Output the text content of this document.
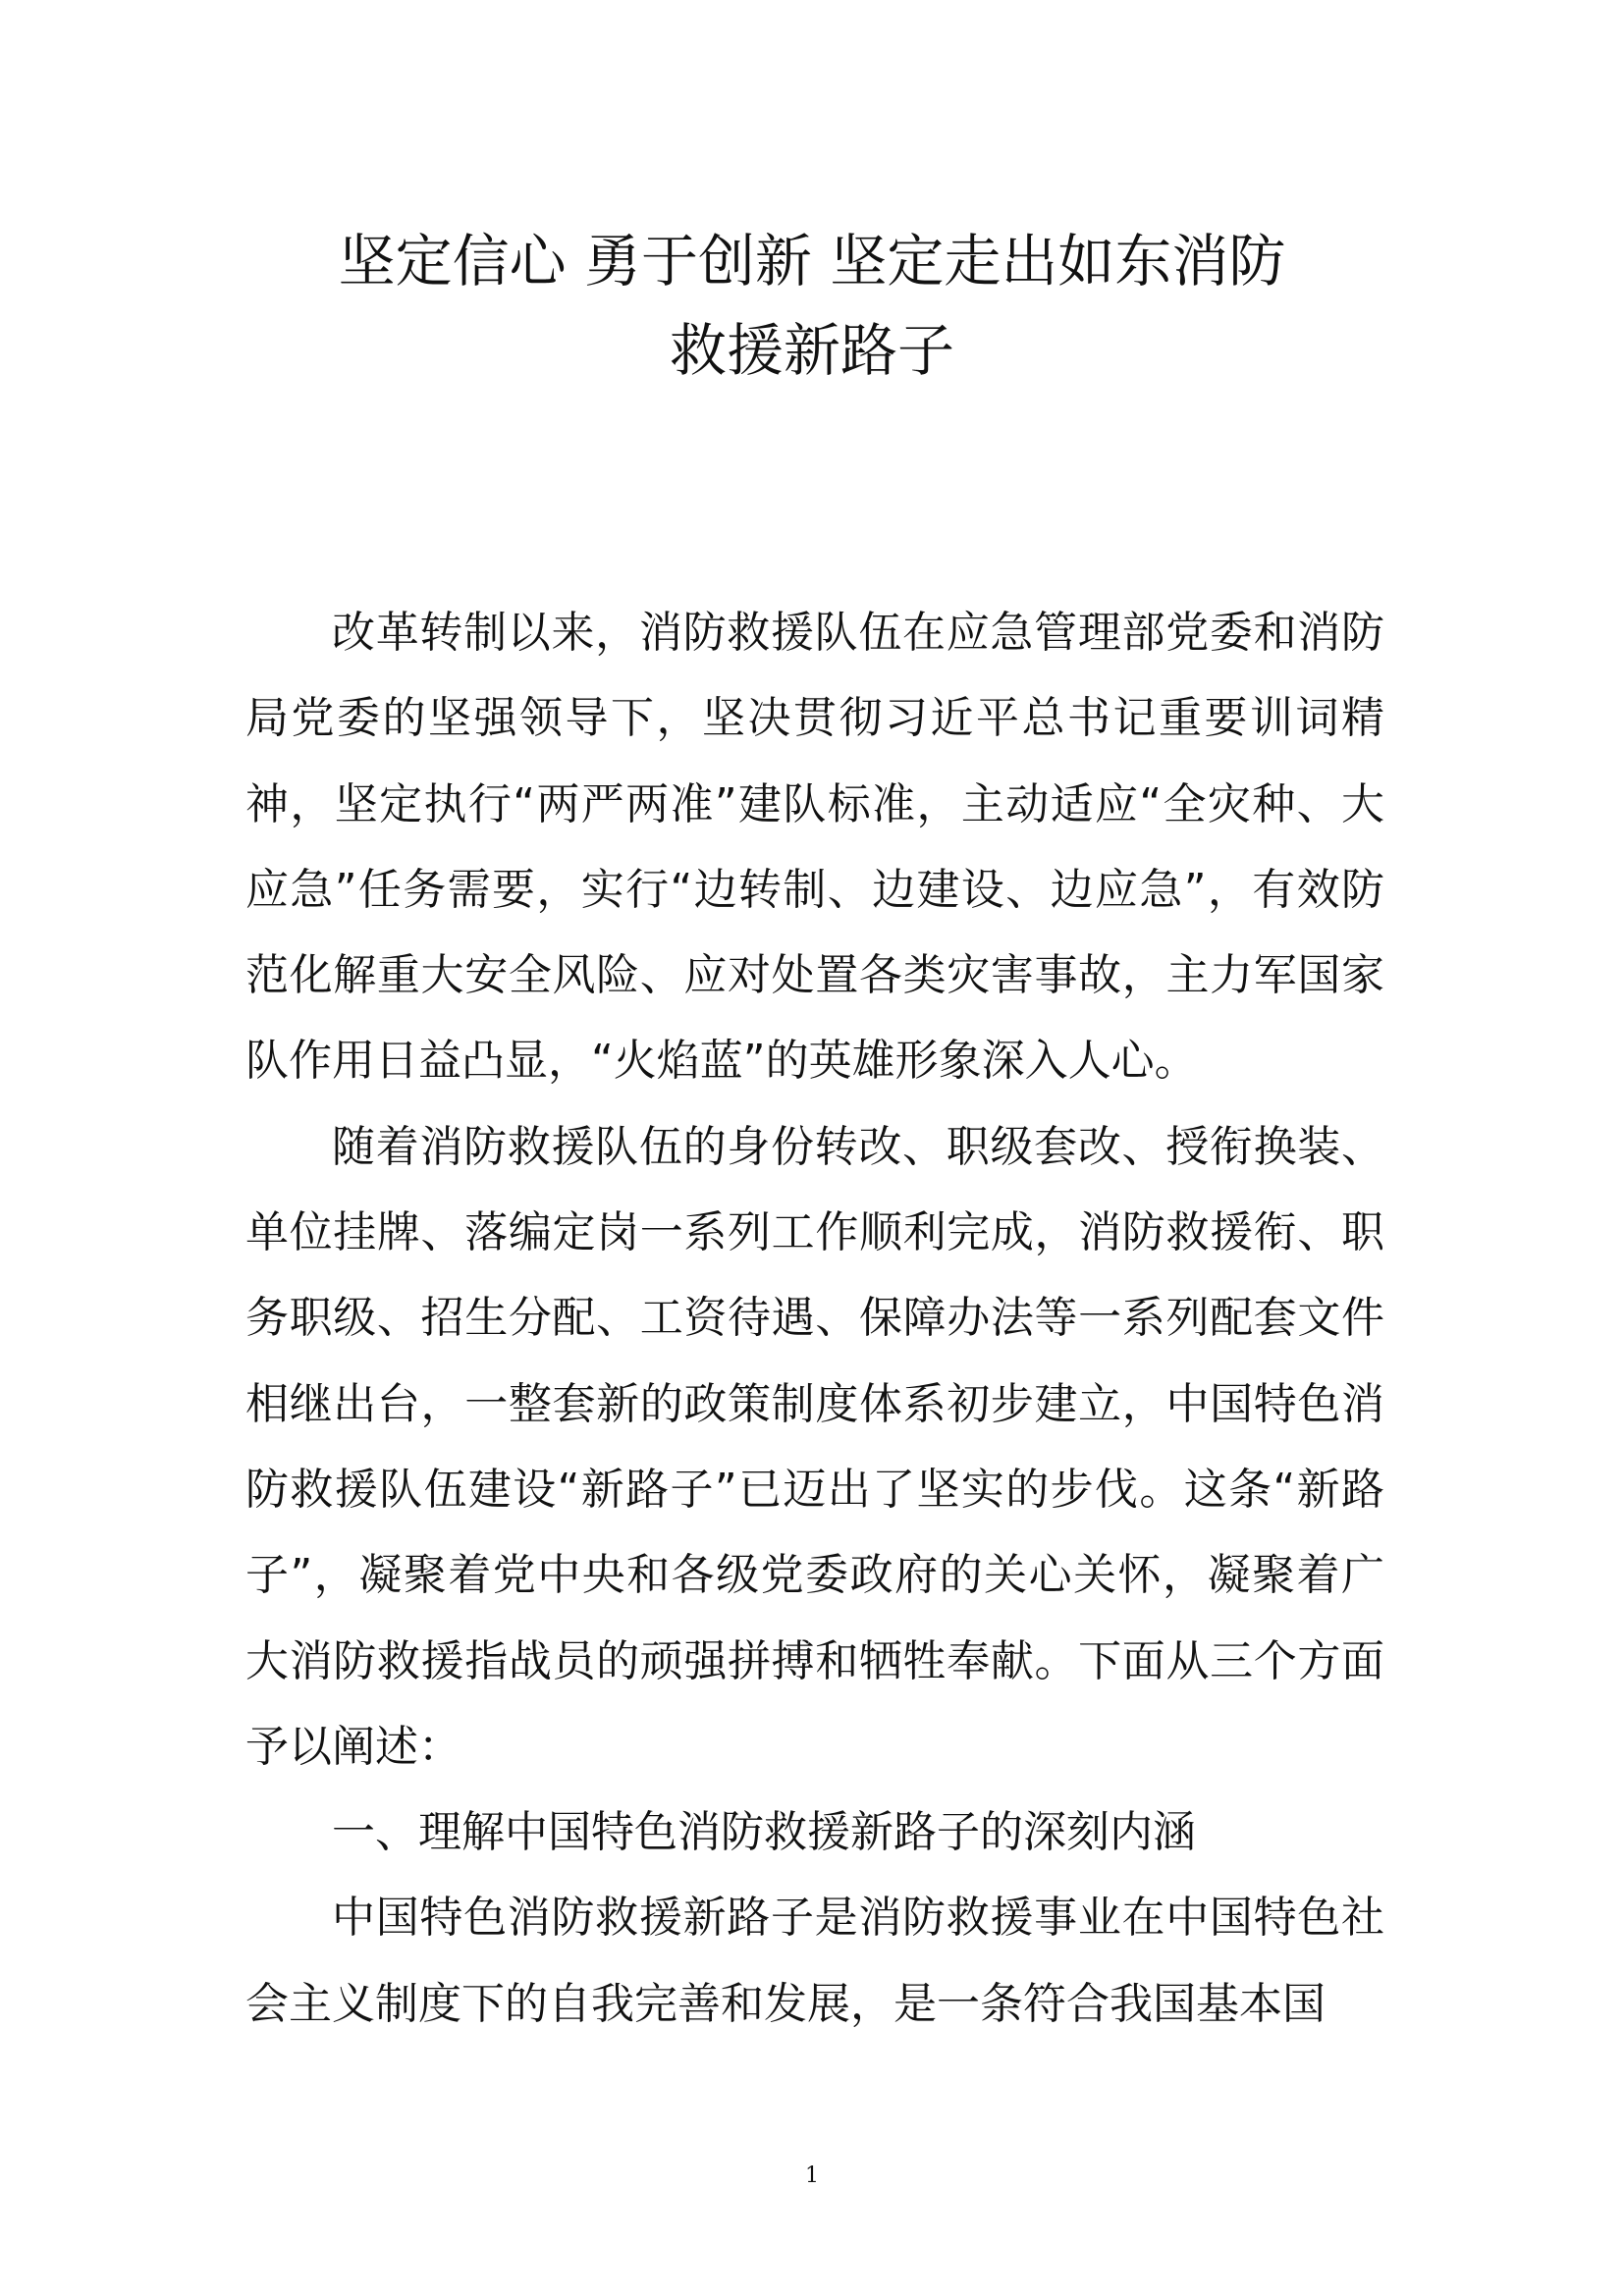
坚定信心 勇于创新 坚定走出如东消防
救援新路子

改革转制以来，消防救援队伍在应急管理部党委和消防局党委的坚强领导下，坚决贯彻习近平总书记重要训词精神，坚定执行“两严两准”建队标准，主动适应“全灾种、大应急”任务需要，实行“边转制、边建设、边应急”，有效防范化解重大安全风险、应对处置各类灾害事故，主力军国家队作用日益凸显，“火焰蓝”的英雄形象深入人心。

随着消防救援队伍的身份转改、职级套改、授衔换装、单位挂牌、落编定岗一系列工作顺利完成，消防救援衔、职务职级、招生分配、工资待遇、保障办法等一系列配套文件相继出台，一整套新的政策制度体系初步建立，中国特色消防救援队伍建设“新路子”已迈出了坚实的步伐。这条“新路子”，凝聚着党中央和各级党委政府的关心关怀，凝聚着广大消防救援指战员的顽强拼搏和牺牲奉献。下面从三个方面予以阐述：

一、理解中国特色消防救援新路子的深刻内涵

中国特色消防救援新路子是消防救援事业在中国特色社会主义制度下的自我完善和发展，是一条符合我国基本国

1
